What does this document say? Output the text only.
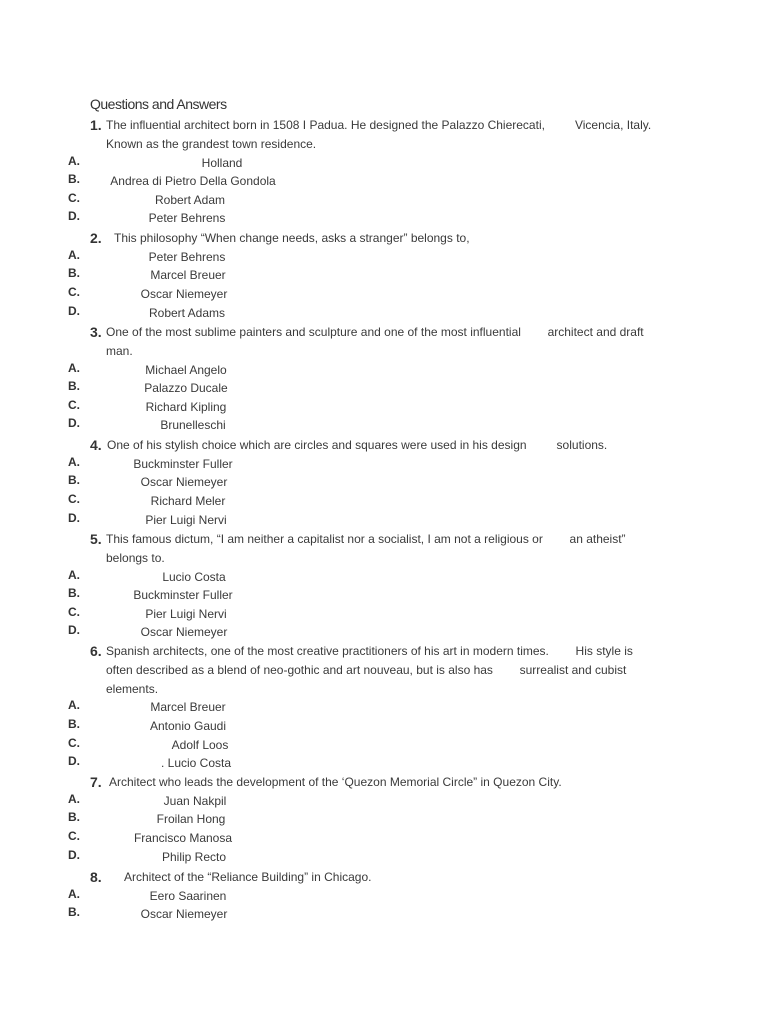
Questions and Answers
1. The influential architect born in 1508 I Padua. He designed the Palazzo Chierecati,         Vicencia, Italy.
Known as the grandest town residence.
A.	Holland
B.	Andrea di Pietro Della Gondola
C.	Robert Adam
D.	Peter Behrens
2. This philosophy “When change needs, asks a stranger” belongs to,
A.	Peter Behrens
B.	Marcel Breuer
C.	Oscar Niemeyer
D.	Robert Adams
3. One of the most sublime painters and sculpture and one of the most influential        architect and draft
man.
A.	Michael Angelo
B.	Palazzo Ducale
C.	Richard Kipling
D.	Brunelleschi
4. One of his stylish choice which are circles and squares were used in his design         solutions.
A.	Buckminster Fuller
B.	Oscar Niemeyer
C.	Richard Meler
D.	Pier Luigi Nervi
5. This famous dictum, “I am neither a capitalist nor a socialist, I am not a religious or        an atheist”
belongs to.
A.	Lucio Costa
B.	Buckminster Fuller
C.	Pier Luigi Nervi
D.	Oscar Niemeyer
6. Spanish architects, one of the most creative practitioners of his art in modern times.        His style is
often described as a blend of neo-gothic and art nouveau, but is also has        surrealist and cubist
elements.
A.	Marcel Breuer
B.	Antonio Gaudi
C.	Adolf Loos
D.	. Lucio Costa
7. Architect who leads the development of the ‘Quezon Memorial Circle” in Quezon City.
A.	Juan Nakpil
B.	Froilan Hong
C.	Francisco Manosa
D.	Philip Recto
8. Architect of the “Reliance Building” in Chicago.
A.	Eero Saarinen
B.	Oscar Niemeyer
